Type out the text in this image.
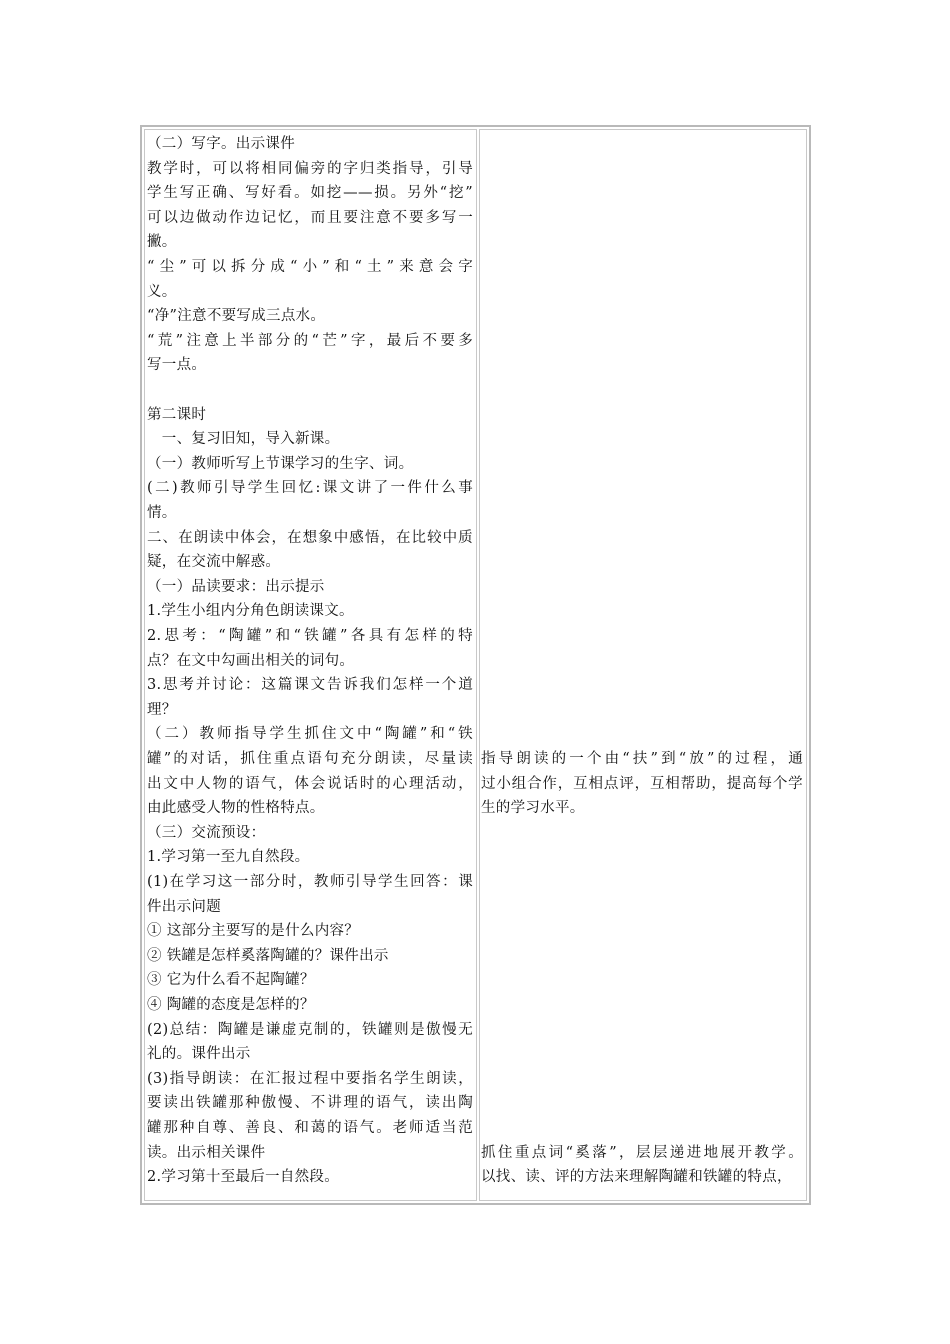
（二）写字。出示课件
教学时，可以将相同偏旁的字归类指导，引导
学生写正确、写好看。如挖——损。另外“挖”
可以边做动作边记忆，而且要注意不要多写一
撇。
“尘”可以拆分成“小”和“土”来意会字
义。
“净”注意不要写成三点水。
“荒”注意上半部分的“芒”字，最后不要多
写一点。
第二课时
　一、复习旧知，导入新课。
（一）教师听写上节课学习的生字、词。
(二)教师引导学生回忆:课文讲了一件什么事
情。
二、在朗读中体会，在想象中感悟，在比较中质
疑，在交流中解惑。
（一）品读要求：出示提示
1.学生小组内分角色朗读课文。
2.思考：“陶罐”和“铁罐”各具有怎样的特
点？在文中勾画出相关的词句。
3.思考并讨论：这篇课文告诉我们怎样一个道
理？
（二）教师指导学生抓住文中“陶罐”和“铁
罐”的对话，抓住重点语句充分朗读，尽量读
出文中人物的语气，体会说话时的心理活动，
由此感受人物的性格特点。
（三）交流预设：
1.学习第一至九自然段。
(1)在学习这一部分时，教师引导学生回答：课
件出示问题
① 这部分主要写的是什么内容？
② 铁罐是怎样奚落陶罐的？课件出示
③ 它为什么看不起陶罐？
④ 陶罐的态度是怎样的？
(2)总结：陶罐是谦虚克制的，铁罐则是傲慢无
礼的。课件出示
(3)指导朗读：在汇报过程中要指名学生朗读，
要读出铁罐那种傲慢、不讲理的语气，读出陶
罐那种自尊、善良、和蔼的语气。老师适当范
读。出示相关课件
2.学习第十至最后一自然段。
指导朗读的一个由“扶”到“放”的过程，通
过小组合作，互相点评，互相帮助，提高每个学
生的学习水平。
抓住重点词“奚落”，层层递进地展开教学。
以找、读、评的方法来理解陶罐和铁罐的特点，
